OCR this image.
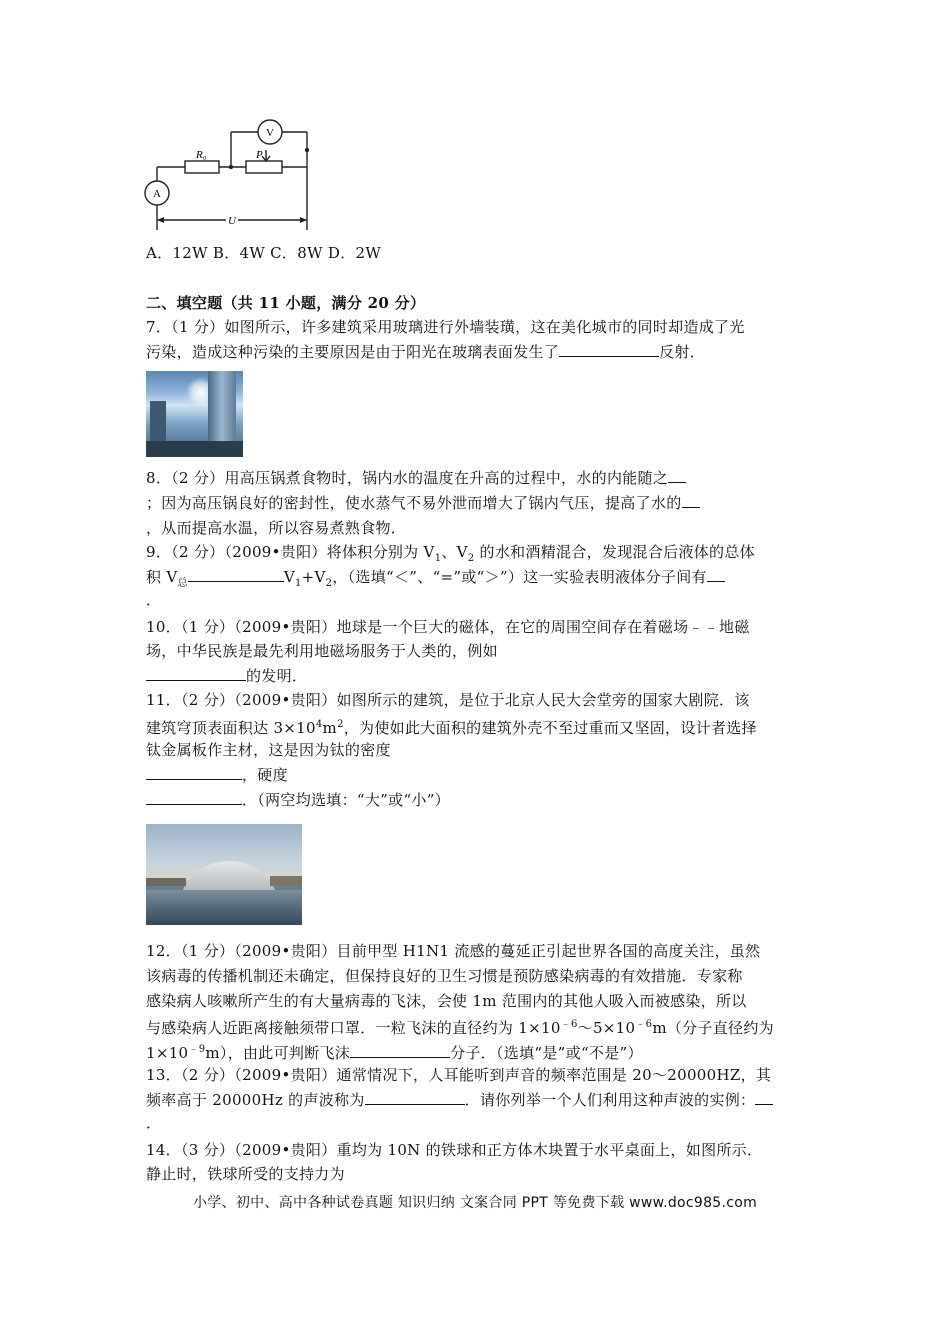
R₀	P
V
A
U
A．12W B．4W C．8W D．2W
二、填空题（共 11 小题，满分 20 分）
7．（1 分）如图所示，许多建筑采用玻璃进行外墙装璜，这在美化城市的同时却造成了光
污染，造成这种污染的主要原因是由于阳光在玻璃表面发生了	反射．
8．（2 分）用高压锅煮食物时，锅内水的温度在升高的过程中，水的内能随之
；因为高压锅良好的密封性，使水蒸气不易外泄而增大了锅内气压，提高了水的
，从而提高水温，所以容易煮熟食物．
9．（2 分）（2009•贵阳）将体积分别为 $V_1$、$V_2$ 的水和酒精混合，发现混合后液体的总体
积 $V_总$	$V_1+V_2$，（选填“＜”、“=”或“＞”）这一实验表明液体分子间有
．
10．（1 分）（2009•贵阳）地球是一个巨大的磁体，在它的周围空间存在着磁场﹣﹣地磁
场，中华民族是最先利用地磁场服务于人类的，例如
的发明．
11．（2 分）（2009•贵阳）如图所示的建筑，是位于北京人民大会堂旁的国家大剧院．该
建筑穹顶表面积达 $3\times 10^4m^2$，为使如此大面积的建筑外壳不至过重而又坚固，设计者选择
钛金属板作主材，这是因为钛的密度
，硬度
．（两空均选填：“大”或“小”）
12．（1 分）（2009•贵阳）目前甲型 H1N1 流感的蔓延正引起世界各国的高度关注，虽然
该病毒的传播机制还未确定，但保持良好的卫生习惯是预防感染病毒的有效措施．专家称
感染病人咳嗽所产生的有大量病毒的飞沫，会使 1m 范围内的其他人吸入而被感染，所以
与感染病人近距离接触须带口罩．一粒飞沫的直径约为 $1\times 10^{﹣6}\sim 5\times 10^{﹣6}m$（分子直径约为
$1\times 10^{﹣9}m$），由此可判断飞沫	分子．（选填“是”或“不是”）
13．（2 分）（2009•贵阳）通常情况下，人耳能听到声音的频率范围是 20～20000HZ，其
频率高于 20000Hz 的声波称为	．请你列举一个人们利用这种声波的实例：
．
14．（3 分）（2009•贵阳）重均为 10N 的铁球和正方体木块置于水平桌面上，如图所示．
静止时，铁球所受的支持力为
小学、初中、高中各种试卷真题 知识归纳 文案合同 PPT 等免费下载 www.doc985.com
